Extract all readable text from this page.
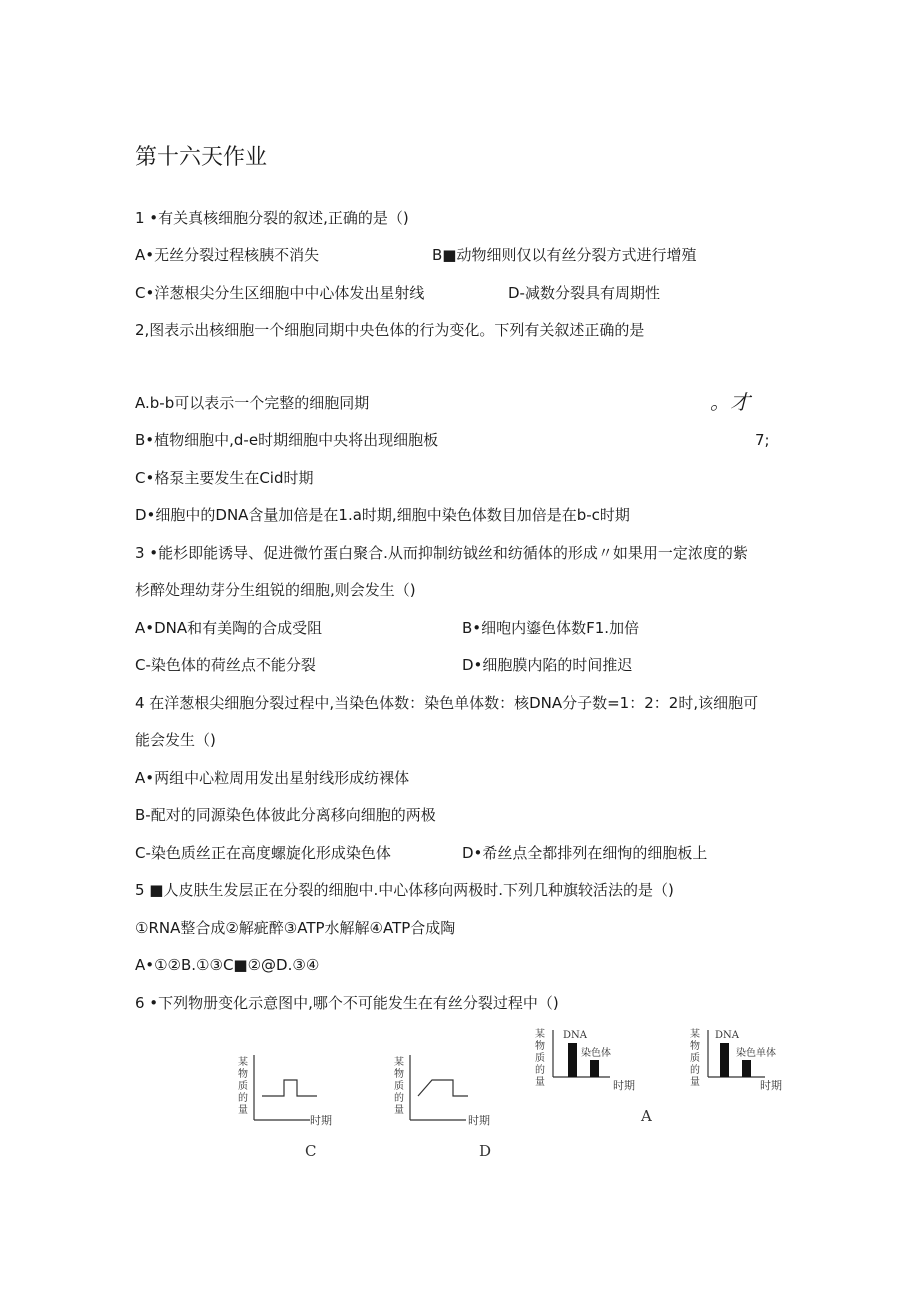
第十六天作业
1 •有关真核细胞分裂的叙述,正确的是（)
A•无丝分裂过程核胰不消失	B■动物细则仅以有丝分裂方式进行增殖
C•洋葱根尖分生区细胞中中心体发出星射线	D-减数分裂具有周期性
2,图表示出核细胞一个细胞同期中央色体的行为变化。下列有关叙述正确的是
A.b-b可以表示一个完整的细胞同期	。才
B•植物细胞中,d-e时期细胞中央将出现细胞板	7;
C•格泵主要发生在Cid时期
D•细胞中的DNA含量加倍是在1.a时期,细胞中染色体数目加倍是在b-c时期
3 •能杉即能诱导、促进微竹蛋白聚合.从而抑制纺钺丝和纺循体的形成〃如果用一定浓度的紫
杉醉处理幼芽分生组锐的细胞,则会发生（)
A•DNA和有美陶的合成受阻	B•细咆内鎏色体数F1.加倍
C-染色体的荷丝点不能分裂	D•细胞膜内陷的时间推迟
4 在洋葱根尖细胞分裂过程中,当染色体数：染色单体数：核DNA分子数=1：2：2时,该细胞可
能会发生（)
A•两组中心粒周用发出星射线形成纺裸体
B-配对的同源染色体彼此分离移向细胞的两极
C-染色质丝正在高度螺旋化形成染色体	D•希丝点全都排列在细恂的细胞板上
5 ■人皮肤生发层正在分裂的细胞中.中心体移向两极时.下列几种旗较活法的是（)
①RNA整合成②解疵醉③ATP水解解④ATP合成陶
A•①②B.①③C■②@D.③④
6 •下列物册变化示意图中,哪个不可能发生在有丝分裂过程中（)
某
物
质
的
量
时期
C
某
物
质
的
量
时期
D
某
物
质
的
量
DNA
染色体
时期
A
某
物
质
的
量
DNA
染色单体
时期
